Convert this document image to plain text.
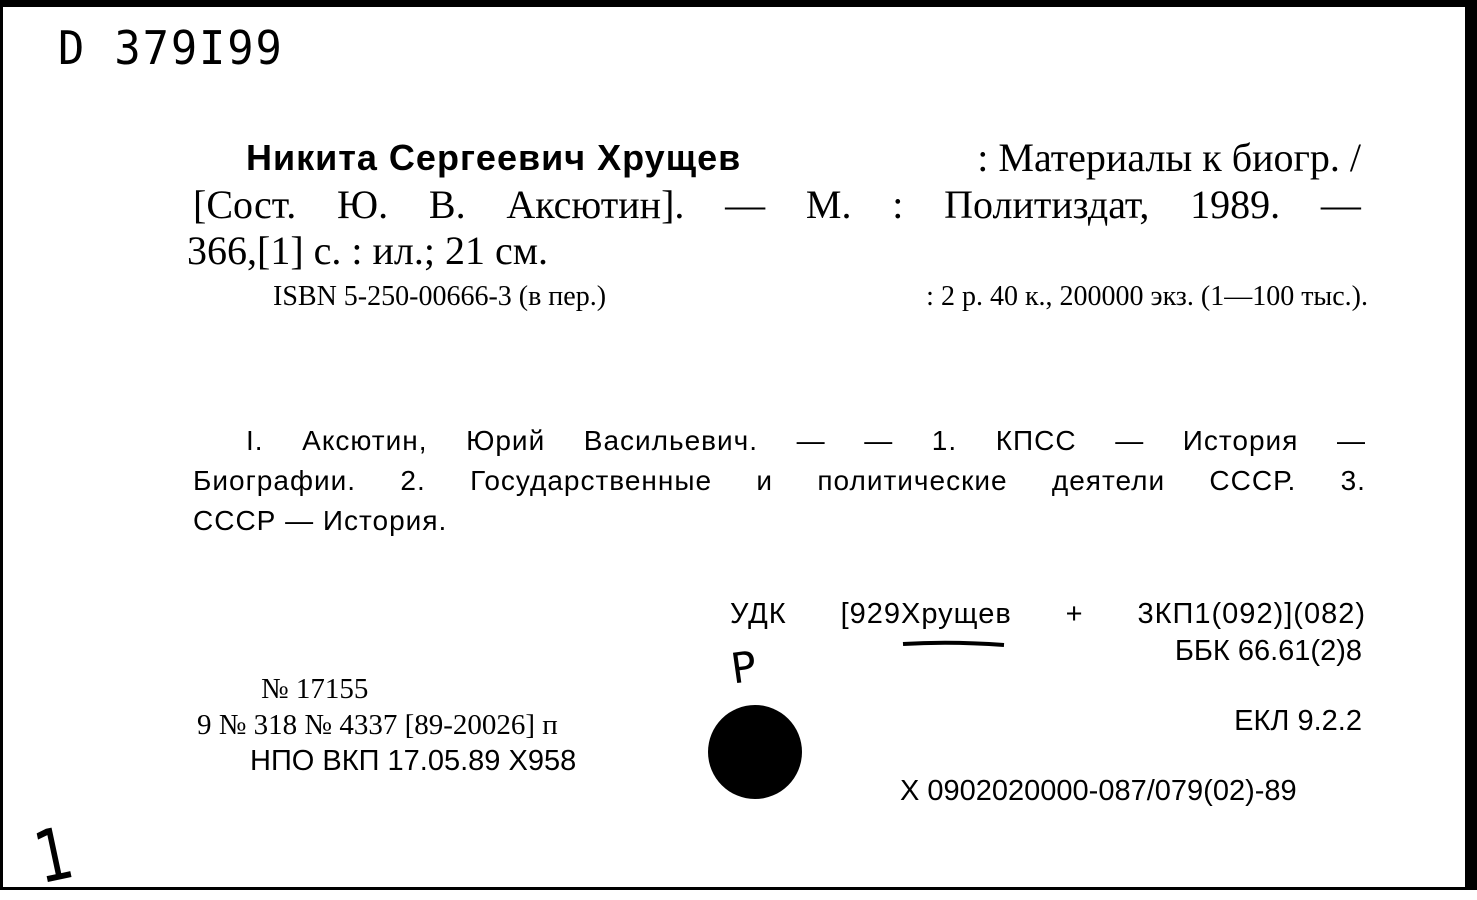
D 379I99
Никита Сергеевич Хрущев	: Материалы к биогр. /
[Сост. Ю. В. Аксютин]. — М. : Политиздат, 1989. —
366,[1] с. : ил.; 21 см.
ISBN 5-250-00666-3 (в пер.)	: 2 р. 40 к., 200000 экз. (1—100 тыс.).
I. Аксютин, Юрий Васильевич. — — 1. КПСС — История —
Биографии. 2. Государственные и политические деятели СССР. 3.
СССР — История.
УДК [929Хрущев + 3КП1(092)](082)
ББК 66.61(2)8
ЕКЛ 9.2.2
X 0902020000-087/079(02)-89
№ 17155
9 № 318 № 4337 [89-20026] п
НПО ВКП 17.05.89 X958
Р
1
